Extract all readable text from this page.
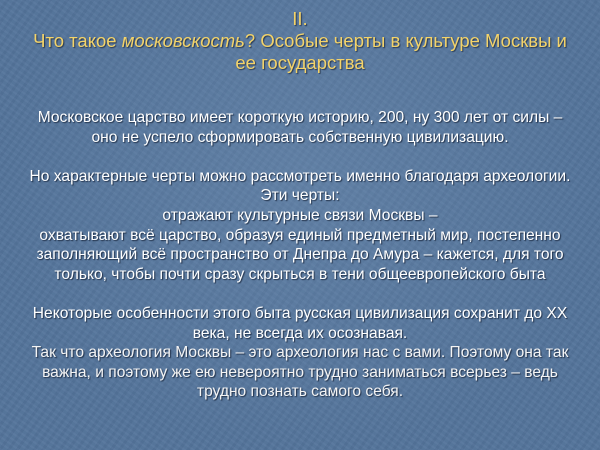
II.
Что такое московскость? Особые черты в культуре Москвы и
ее государства

Московское царство имеет короткую историю, 200, ну 300 лет от силы –

оно не успело сформировать собственную цивилизацию.

Но характерные черты можно рассмотреть именно благодаря археологии.

Эти черты:

отражают культурные связи Москвы –

охватывают всё царство, образуя единый предметный мир, постепенно

заполняющий всё пространство от Днепра до Амура – кажется, для того

только, чтобы почти сразу скрыться в тени общеевропейского быта

Некоторые особенности этого быта русская цивилизация сохранит до XX

века, не всегда их осознавая.

Так что археология Москвы – это археология нас с вами. Поэтому она так

важна, и поэтому же ею невероятно трудно заниматься всерьез – ведь

трудно познать самого себя.
